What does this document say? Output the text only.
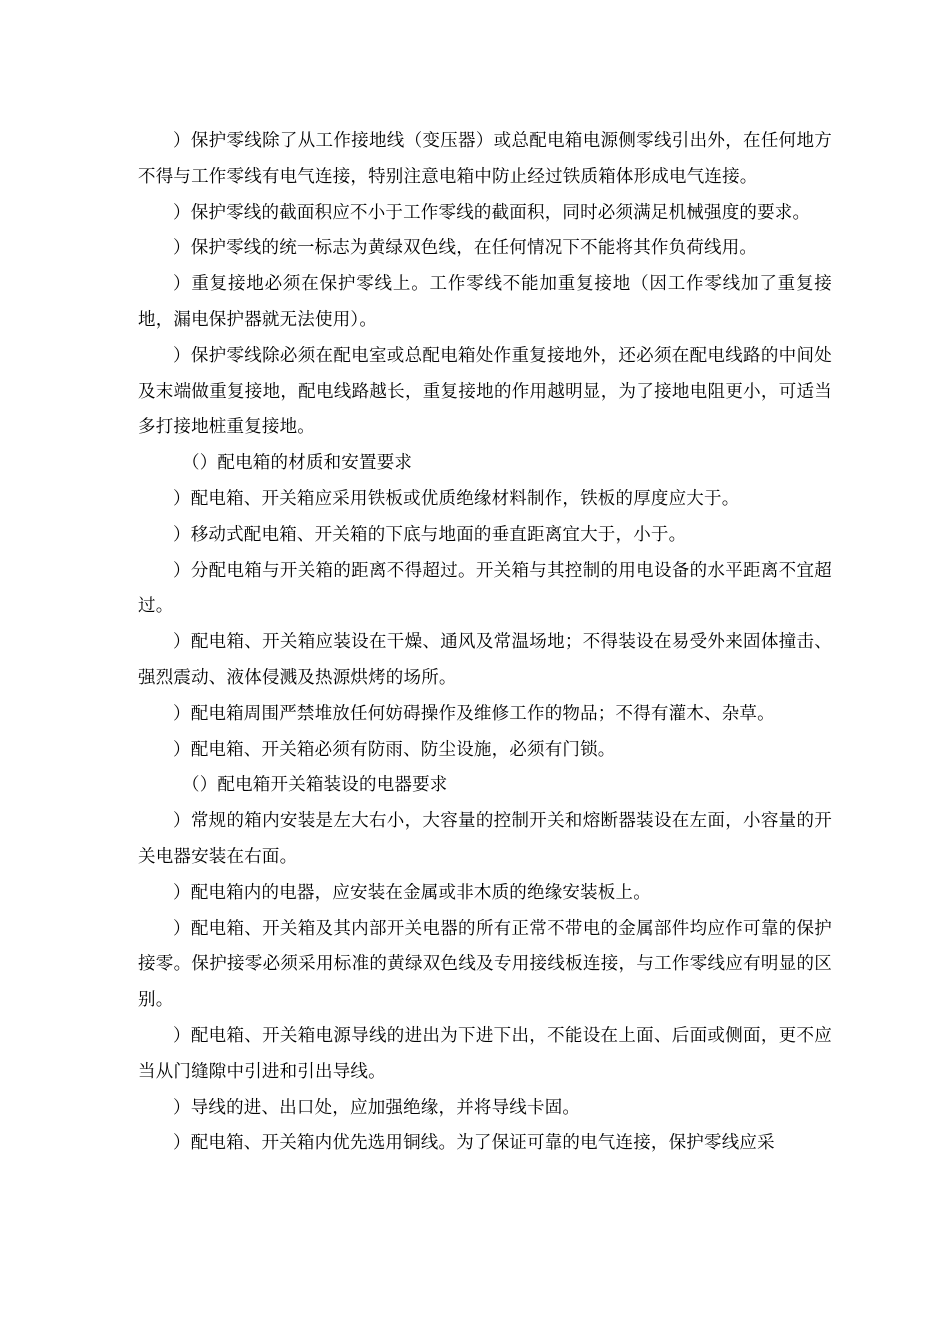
）保护零线除了从工作接地线（变压器）或总配电箱电源侧零线引出外，在任何地方不得与工作零线有电气连接，特别注意电箱中防止经过铁质箱体形成电气连接。

）保护零线的截面积应不小于工作零线的截面积，同时必须满足机械强度的要求。

）保护零线的统一标志为黄绿双色线，在任何情况下不能将其作负荷线用。

）重复接地必须在保护零线上。工作零线不能加重复接地（因工作零线加了重复接地，漏电保护器就无法使用）。

）保护零线除必须在配电室或总配电箱处作重复接地外，还必须在配电线路的中间处及末端做重复接地，配电线路越长，重复接地的作用越明显，为了接地电阻更小，可适当多打接地桩重复接地。

（）配电箱的材质和安置要求

）配电箱、开关箱应采用铁板或优质绝缘材料制作，铁板的厚度应大于。

）移动式配电箱、开关箱的下底与地面的垂直距离宜大于，小于。

）分配电箱与开关箱的距离不得超过。开关箱与其控制的用电设备的水平距离不宜超过。

）配电箱、开关箱应装设在干燥、通风及常温场地；不得装设在易受外来固体撞击、强烈震动、液体侵溅及热源烘烤的场所。

）配电箱周围严禁堆放任何妨碍操作及维修工作的物品；不得有灌木、杂草。

）配电箱、开关箱必须有防雨、防尘设施，必须有门锁。

（）配电箱开关箱装设的电器要求

）常规的箱内安装是左大右小，大容量的控制开关和熔断器装设在左面，小容量的开关电器安装在右面。

）配电箱内的电器，应安装在金属或非木质的绝缘安装板上。

）配电箱、开关箱及其内部开关电器的所有正常不带电的金属部件均应作可靠的保护接零。保护接零必须采用标准的黄绿双色线及专用接线板连接，与工作零线应有明显的区别。

）配电箱、开关箱电源导线的进出为下进下出，不能设在上面、后面或侧面，更不应当从门缝隙中引进和引出导线。

）导线的进、出口处，应加强绝缘，并将导线卡固。

）配电箱、开关箱内优先选用铜线。为了保证可靠的电气连接，保护零线应采
